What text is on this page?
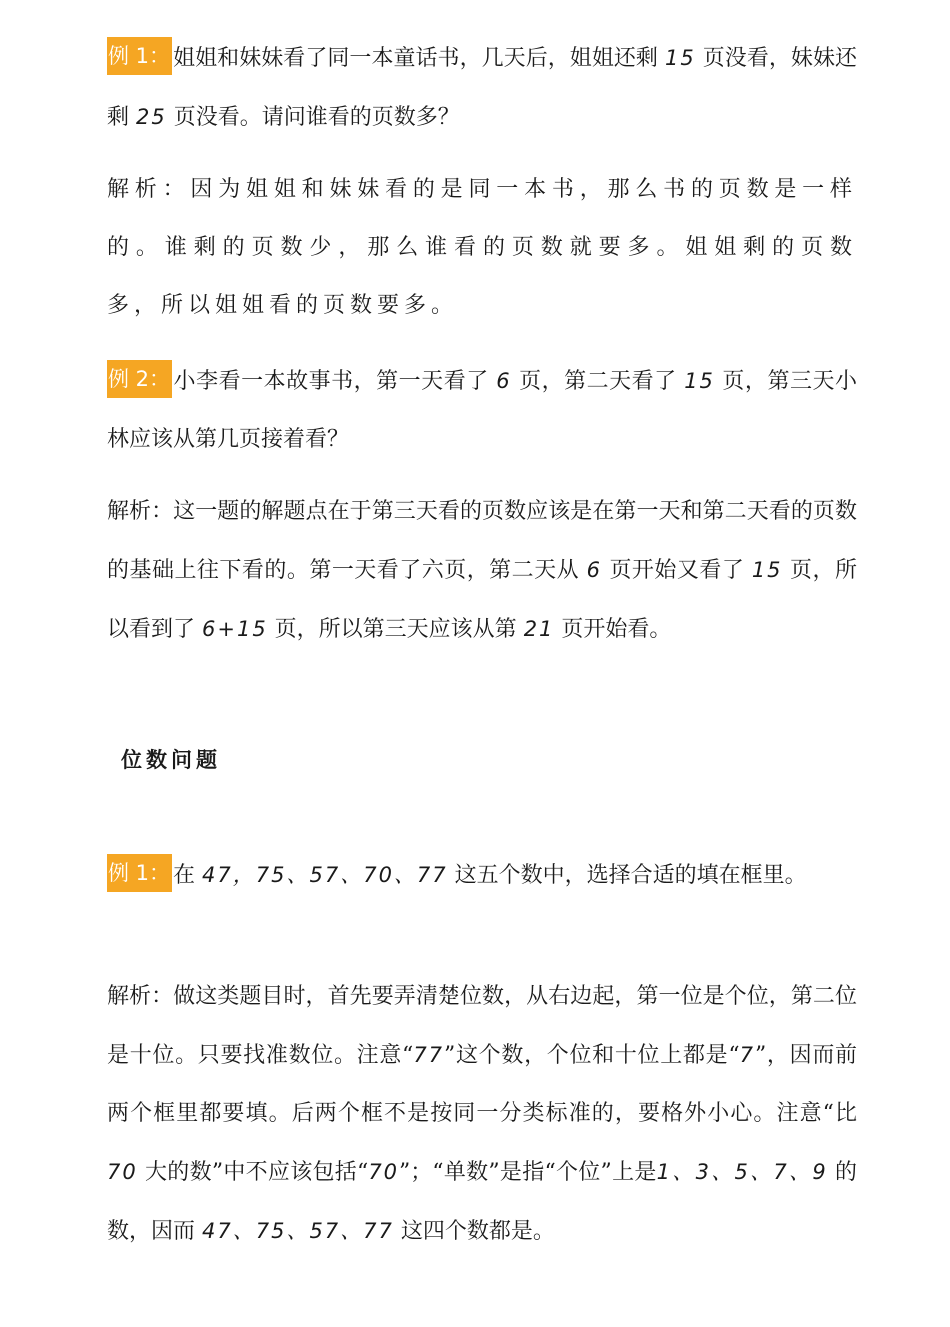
例 1： 姐姐和妹妹看了同一本童话书，几天后，姐姐还剩 15 页没看，妹妹还剩 25 页没看。请问谁看的页数多？

解析：因为姐姐和妹妹看的是同一本书，那么书的页数是一样的。谁剩的页数少，那么谁看的页数就要多。姐姐剩的页数多，所以姐姐看的页数要多。

例 2： 小李看一本故事书，第一天看了 6 页，第二天看了 15 页，第三天小林应该从第几页接着看？

解析：这一题的解题点在于第三天看的页数应该是在第一天和第二天看的页数的基础上往下看的。第一天看了六页，第二天从 6 页开始又看了 15 页，所以看到了 6+15 页，所以第三天应该从第 21 页开始看。

位数问题

例 1： 在 47，75、57、70、77 这五个数中，选择合适的填在框里。

解析：做这类题目时，首先要弄清楚位数，从右边起，第一位是个位，第二位是十位。只要找准数位。注意“77”这个数，个位和十位上都是“7”，因而前两个框里都要填。后两个框不是按同一分类标准的，要格外小心。注意“比 70 大的数”中不应该包括“70”；“单数”是指“个位”上是1、3、5、7、9 的数，因而 47、75、57、77 这四个数都是。
